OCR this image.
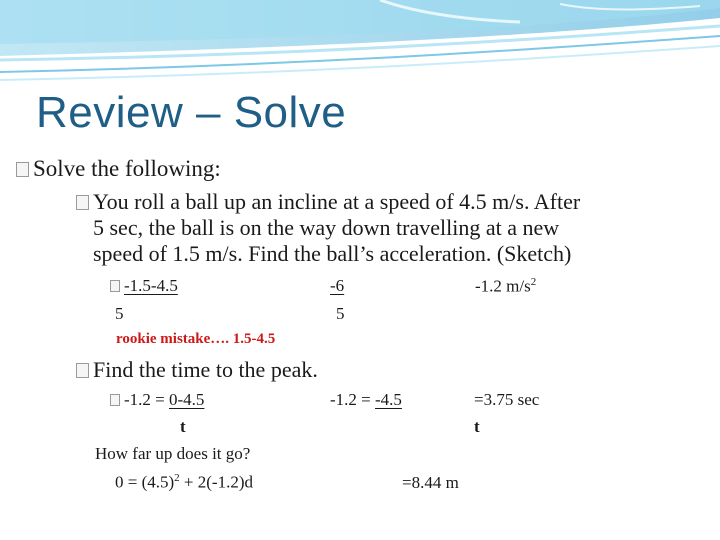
Review – Solve
Solve the following:
You roll a ball up an incline at a speed of 4.5 m/s. After
5 sec, the ball is on the way down travelling at a new
speed of 1.5 m/s. Find the ball’s acceleration. (Sketch)
-1.5-4.5
5
-6
5
-1.2 $m/s^2$
rookie mistake…. 1.5-4.5
Find the time to the peak.
-1.2 = 0-4.5
t
-1.2 = -4.5	=3.75 sec
t
How far up does it go?
$0 = (4.5)^2 + 2(-1.2)d$	=8.44 m
